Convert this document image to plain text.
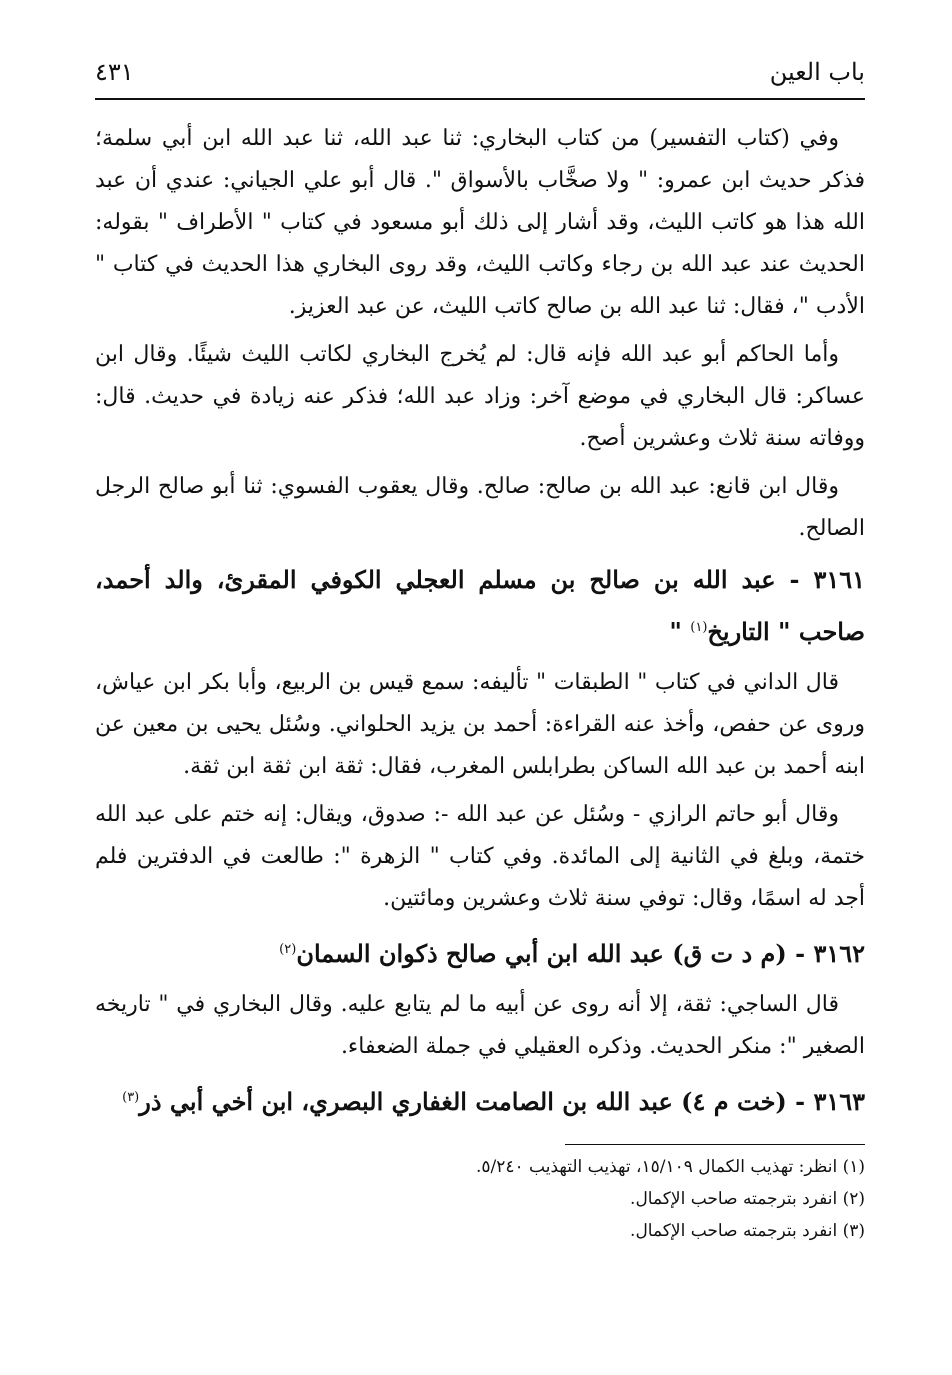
باب العين
٤٣١

وفي (كتاب التفسير) من كتاب البخاري: ثنا عبد الله، ثنا عبد الله ابن أبي سلمة؛ فذكر حديث ابن عمرو: " ولا صخَّاب بالأسواق ". قال أبو علي الجياني: عندي أن عبد الله هذا هو كاتب الليث، وقد أشار إلى ذلك أبو مسعود في كتاب " الأطراف " بقوله: الحديث عند عبد الله بن رجاء وكاتب الليث، وقد روى البخاري هذا الحديث في كتاب " الأدب "، فقال: ثنا عبد الله بن صالح كاتب الليث، عن عبد العزيز.

وأما الحاكم أبو عبد الله فإنه قال: لم يُخرج البخاري لكاتب الليث شيئًا. وقال ابن عساكر: قال البخاري في موضع آخر: وزاد عبد الله؛ فذكر عنه زيادة في حديث. قال: ووفاته سنة ثلاث وعشرين أصح.

وقال ابن قانع: عبد الله بن صالح: صالح. وقال يعقوب الفسوي: ثنا أبو صالح الرجل الصالح.

٣١٦١ - عبد الله بن صالح بن مسلم العجلي الكوفي المقرئ، والد أحمد، صاحب " التاريخ$^{(١)}$ "

قال الداني في كتاب " الطبقات " تأليفه: سمع قيس بن الربيع، وأبا بكر ابن عياش، وروى عن حفص، وأخذ عنه القراءة: أحمد بن يزيد الحلواني. وسُئل يحيى بن معين عن ابنه أحمد بن عبد الله الساكن بطرابلس المغرب، فقال: ثقة ابن ثقة ابن ثقة.

وقال أبو حاتم الرازي - وسُئل عن عبد الله -: صدوق، ويقال: إنه ختم على عبد الله ختمة، وبلغ في الثانية إلى المائدة. وفي كتاب " الزهرة ": طالعت في الدفترين فلم أجد له اسمًا، وقال: توفي سنة ثلاث وعشرين ومائتين.

٣١٦٢ - (م د ت ق) عبد الله ابن أبي صالح ذكوان السمان$^{(٢)}$

قال الساجي: ثقة، إلا أنه روى عن أبيه ما لم يتابع عليه. وقال البخاري في " تاريخه الصغير ": منكر الحديث. وذكره العقيلي في جملة الضعفاء.

٣١٦٣ - (خت م ٤) عبد الله بن الصامت الغفاري البصري، ابن أخي أبي ذر$^{(٣)}$

(١) انظر: تهذيب الكمال ١٥/١٠٩، تهذيب التهذيب ٥/٢٤٠.
(٢) انفرد بترجمته صاحب الإكمال.
(٣) انفرد بترجمته صاحب الإكمال.
